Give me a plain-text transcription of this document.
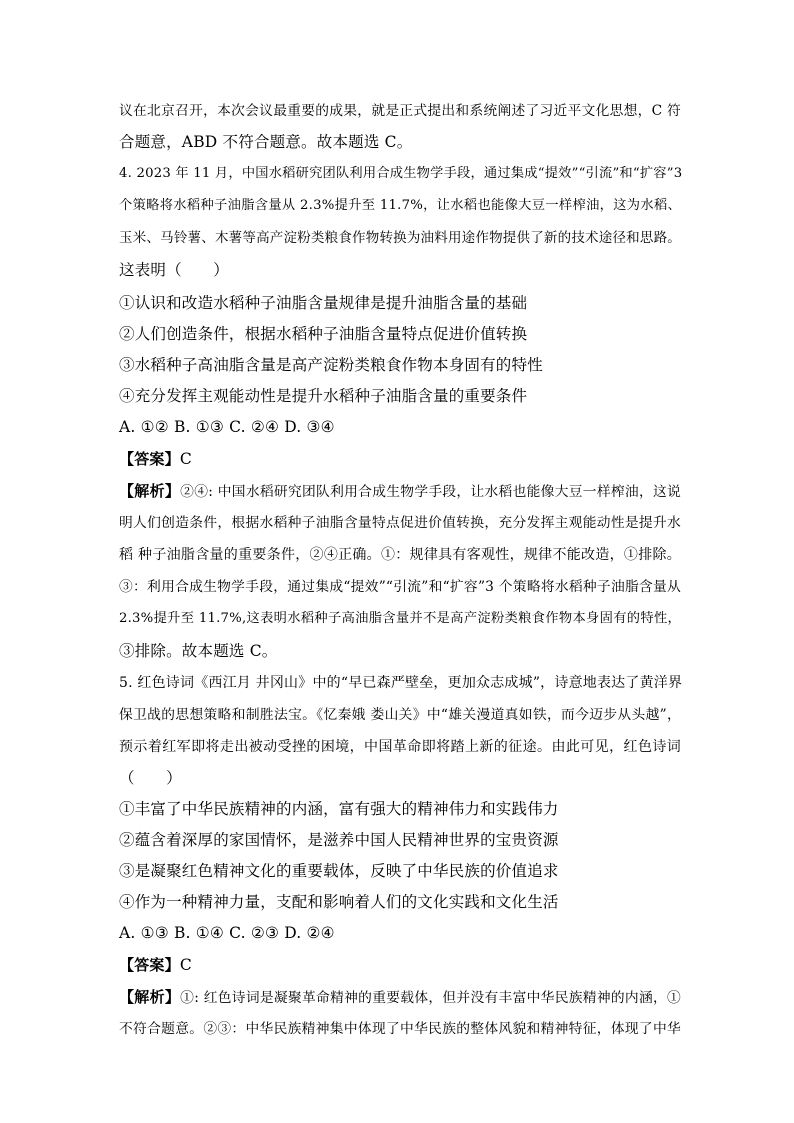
议在北京召开，本次会议最重要的成果，就是正式提出和系统阐述了习近平文化思想，C 符
合题意，ABD 不符合题意。故本题选 C。
4. 2023 年 11 月，中国水稻研究团队利用合成生物学手段，通过集成“提效”“引流”和“扩容”3
个策略将水稻种子油脂含量从 2.3%提升至 11.7%，让水稻也能像大豆一样榨油，这为水稻、
玉米、马铃薯、木薯等高产淀粉类粮食作物转换为油料用途作物提供了新的技术途径和思路。
这表明（　　）
①认识和改造水稻种子油脂含量规律是提升油脂含量的基础
②人们创造条件，根据水稻种子油脂含量特点促进价值转换
③水稻种子高油脂含量是高产淀粉类粮食作物本身固有的特性
④充分发挥主观能动性是提升水稻种子油脂含量的重要条件
A. ①② B. ①③ C. ②④ D. ③④
【答案】C
【解析】②④: 中国水稻研究团队利用合成生物学手段，让水稻也能像大豆一样榨油，这说
明人们创造条件，根据水稻种子油脂含量特点促进价值转换，充分发挥主观能动性是提升水
稻 种子油脂含量的重要条件，②④正确。①：规律具有客观性，规律不能改造，①排除。
③：利用合成生物学手段，通过集成“提效”“引流”和“扩容”3 个策略将水稻种子油脂含量从
2.3%提升至 11.7%,这表明水稻种子高油脂含量并不是高产淀粉类粮食作物本身固有的特性，
③排除。故本题选 C。
5. 红色诗词《西江月 井冈山》中的“早已森严壁垒，更加众志成城”，诗意地表达了黄洋界
保卫战的思想策略和制胜法宝。《忆秦娥 娄山关》中“雄关漫道真如铁，而今迈步从头越”，
预示着红军即将走出被动受挫的困境，中国革命即将踏上新的征途。由此可见，红色诗词
（　　）
①丰富了中华民族精神的内涵，富有强大的精神伟力和实践伟力
②蕴含着深厚的家国情怀，是滋养中国人民精神世界的宝贵资源
③是凝聚红色精神文化的重要载体，反映了中华民族的价值追求
④作为一种精神力量，支配和影响着人们的文化实践和文化生活
A. ①③ B. ①④ C. ②③ D. ②④
【答案】C
【解析】①: 红色诗词是凝聚革命精神的重要载体，但并没有丰富中华民族精神的内涵，①
不符合题意。②③：中华民族精神集中体现了中华民族的整体风貌和精神特征，体现了中华
